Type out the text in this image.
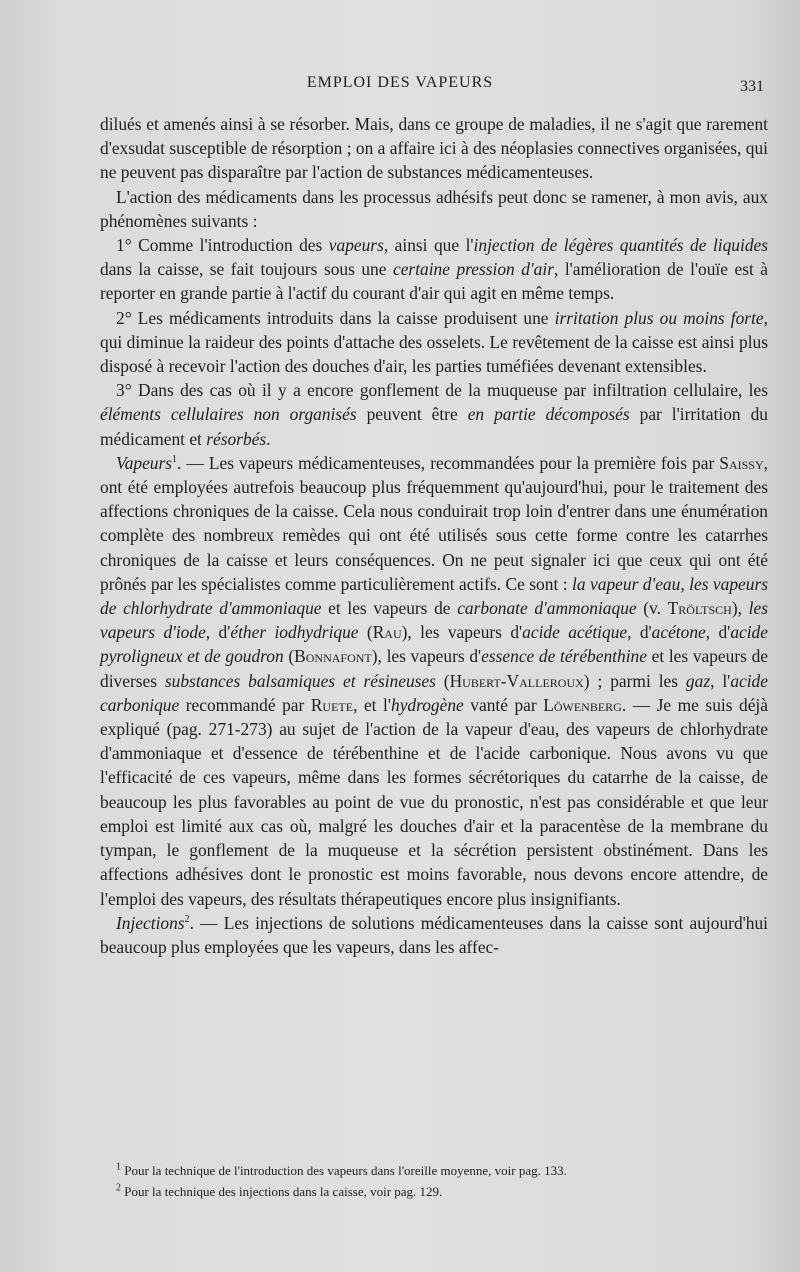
EMPLOI DES VAPEURS	331

dilués et amenés ainsi à se résorber. Mais, dans ce groupe de maladies, il ne s'agit que rarement d'exsudat susceptible de résorption ; on a affaire ici à des néoplasies connectives organisées, qui ne peuvent pas disparaître par l'action de substances médicamenteuses.

L'action des médicaments dans les processus adhésifs peut donc se ramener, à mon avis, aux phénomènes suivants :

1° Comme l'introduction des vapeurs, ainsi que l'injection de légères quantités de liquides dans la caisse, se fait toujours sous une certaine pression d'air, l'amélioration de l'ouïe est à reporter en grande partie à l'actif du courant d'air qui agit en même temps.

2° Les médicaments introduits dans la caisse produisent une irritation plus ou moins forte, qui diminue la raideur des points d'attache des osselets. Le revêtement de la caisse est ainsi plus disposé à recevoir l'action des douches d'air, les parties tuméfiées devenant extensibles.

3° Dans des cas où il y a encore gonflement de la muqueuse par infiltration cellulaire, les éléments cellulaires non organisés peuvent être en partie décomposés par l'irritation du médicament et résorbés.

Vapeurs$^1$. — Les vapeurs médicamenteuses, recommandées pour la première fois par Saissy, ont été employées autrefois beaucoup plus fréquemment qu'aujourd'hui, pour le traitement des affections chroniques de la caisse. Cela nous conduirait trop loin d'entrer dans une énumération complète des nombreux remèdes qui ont été utilisés sous cette forme contre les catarrhes chroniques de la caisse et leurs conséquences. On ne peut signaler ici que ceux qui ont été prônés par les spécialistes comme particulièrement actifs. Ce sont : la vapeur d'eau, les vapeurs de chlorhydrate d'ammoniaque et les vapeurs de carbonate d'ammoniaque (v. Tröltsch), les vapeurs d'iode, d'éther iodhydrique (Rau), les vapeurs d'acide acétique, d'acétone, d'acide pyroligneux et de goudron (Bonnafont), les vapeurs d'essence de térébenthine et les vapeurs de diverses substances balsamiques et résineuses (Hubert-Valleroux) ; parmi les gaz, l'acide carbonique recommandé par Ruete, et l'hydrogène vanté par Löwenberg. — Je me suis déjà expliqué (pag. 271-273) au sujet de l'action de la vapeur d'eau, des vapeurs de chlorhydrate d'ammoniaque et d'essence de térébenthine et de l'acide carbonique. Nous avons vu que l'efficacité de ces vapeurs, même dans les formes sécrétoriques du catarrhe de la caisse, de beaucoup les plus favorables au point de vue du pronostic, n'est pas considérable et que leur emploi est limité aux cas où, malgré les douches d'air et la paracentèse de la membrane du tympan, le gonflement de la muqueuse et la sécrétion persistent obstinément. Dans les affections adhésives dont le pronostic est moins favorable, nous devons encore attendre, de l'emploi des vapeurs, des résultats thérapeutiques encore plus insignifiants.

Injections$^2$. — Les injections de solutions médicamenteuses dans la caisse sont aujourd'hui beaucoup plus employées que les vapeurs, dans les affec-

$^1$ Pour la technique de l'introduction des vapeurs dans l'oreille moyenne, voir pag. 133.

$^2$ Pour la technique des injections dans la caisse, voir pag. 129.
